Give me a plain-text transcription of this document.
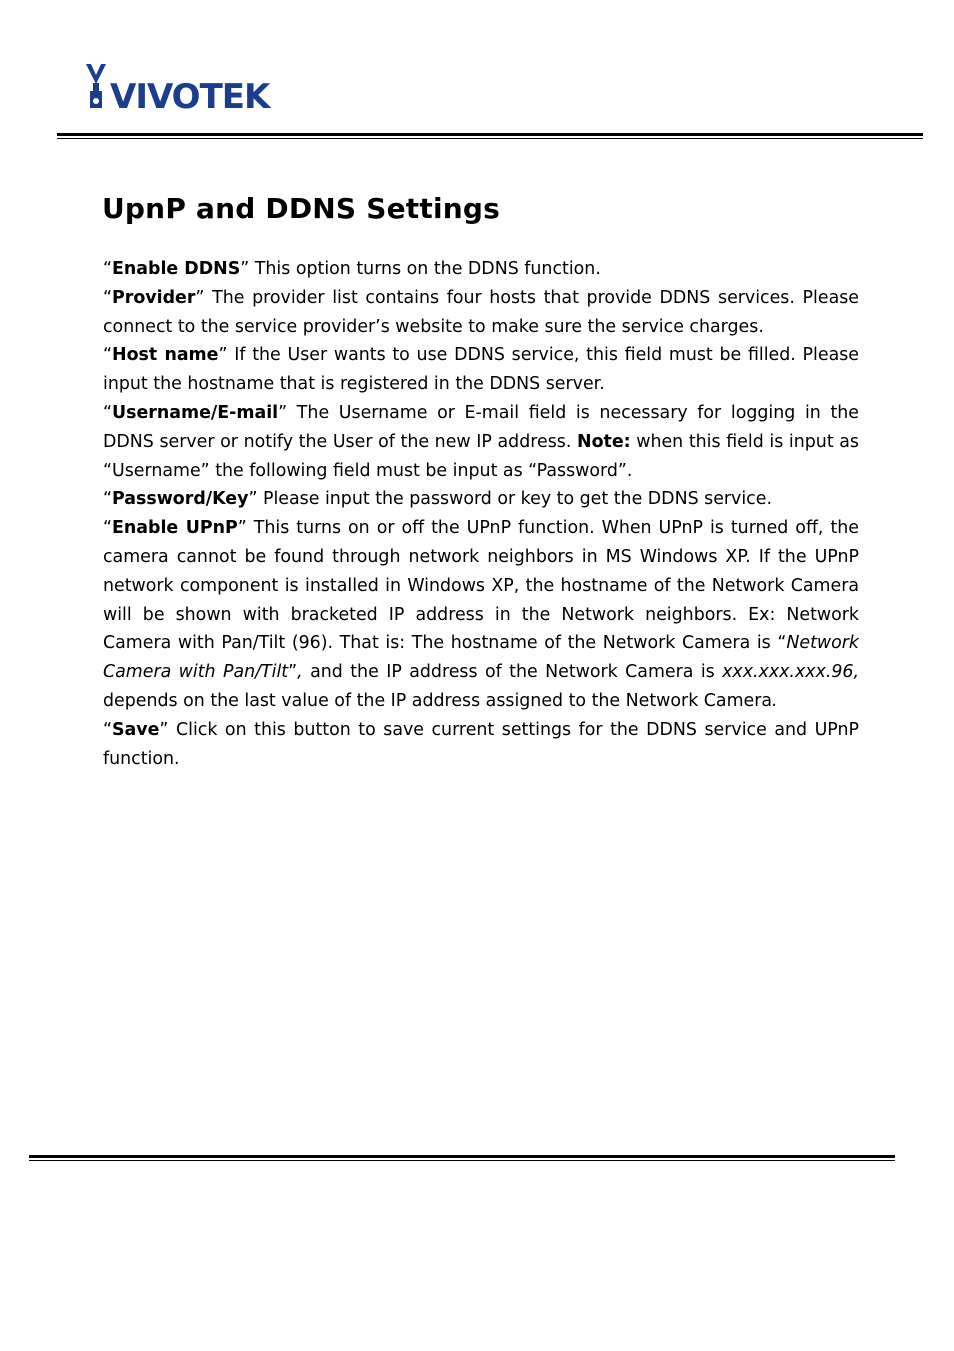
VIVOTEK
UpnP and DDNS Settings

“Enable DDNS” This option turns on the DDNS function.

“Provider” The provider list contains four hosts that provide DDNS services. Please connect to the service provider’s website to make sure the service charges.

“Host name” If the User wants to use DDNS service, this field must be filled. Please input the hostname that is registered in the DDNS server.

“Username/E-mail” The Username or E-mail field is necessary for logging in the DDNS server or notify the User of the new IP address. Note: when this field is input as “Username” the following field must be input as “Password”.

“Password/Key” Please input the password or key to get the DDNS service.

“Enable UPnP” This turns on or off the UPnP function. When UPnP is turned off, the camera cannot be found through network neighbors in MS Windows XP. If the UPnP network component is installed in Windows XP, the hostname of the Network Camera will be shown with bracketed IP address in the Network neighbors. Ex: Network Camera with Pan/Tilt (96). That is: The hostname of the Network Camera is “Network Camera with Pan/Tilt”, and the IP address of the Network Camera is xxx.xxx.xxx.96, depends on the last value of the IP address assigned to the Network Camera.

“Save” Click on this button to save current settings for the DDNS service and UPnP function.
